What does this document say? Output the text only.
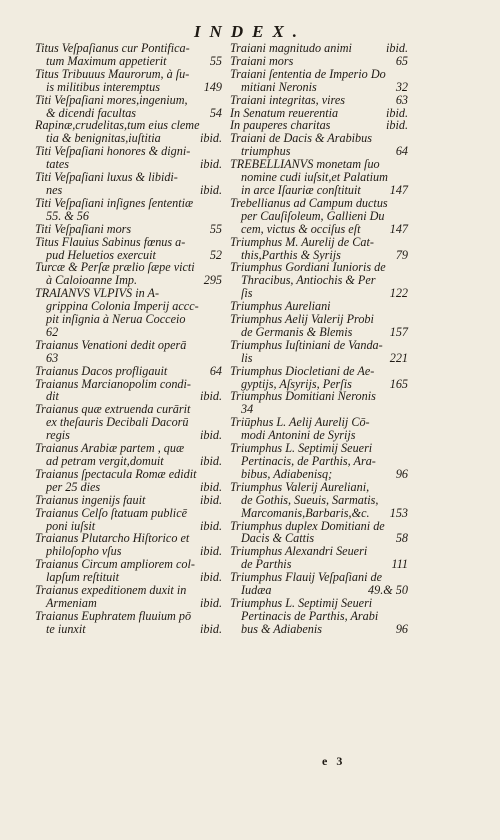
INDEX.
Titus Veſpaſianus cur Pontifica-
tum Maximum appetierit	55
Titus Tribuuus Maurorum, à ſu-
is militibus interemptus	149
Titi Veſpaſiani mores,ingenium,
& dicendi facultas	54
Rapinæ,crudelitas,tum eius cleme
tia & benignitas,iuſtitia	ibid.
Titi Veſpaſiani honores & digni-
tates	ibid.
Titi Veſpaſiani luxus & libidi-
nes	ibid.
Titi Veſpaſiani inſignes ſententiæ
55. & 56
Titi Veſpaſiani mors	55
Titus Flauius Sabinus fœnus a-
pud Heluetios exercuit	52
Turcæ & Perſæ prælio ſæpe victi
à Caloioanne Imp.	295
TRAIANVS VLPIVS in A-
grippina Colonia Imperij accc-
pit inſignia à Nerua Cocceio
62
Traianus Venationi dedit operā
63
Traianus Dacos profligauit	64
Traianus Marcianopolim condi-
dit	ibid.
Traianus quæ extruenda curārit
ex theſauris Decibali Dacorū
regis	ibid.
Traianus Arabiæ partem , quæ
ad petram vergit,domuit	ibid.
Traianus ſpectacula Romæ edidit
per 25 dies	ibid.
Traianus ingenijs fauit	ibid.
Traianus Celſo ſtatuam publicē
poni iuſsit	ibid.
Traianus Plutarcho Hiſtorico et
philoſopho vſus	ibid.
Traianus Circum ampliorem col-
lapſum reſtituit	ibid.
Traianus expeditionem duxit in
Armeniam	ibid.
Traianus Euphratem fluuium pō
te iunxit	ibid.
Traiani magnitudo animi	ibid.
Traiani mors	65
Traiani ſententia de Imperio Do
mitiani Neronis	32
Traiani integritas, vires	63
In Senatum reuerentia	ibid.
In pauperes charitas	ibid.
Traiani de Dacis & Arabibus
triumphus	64
TREBELLIANVS monetam ſuo
nomine cudi iuſsit,et Palatium
in arce Iſauriæ conſtituit	147
Trebellianus ad Campum ductus
per Cauſiſoleum, Gallieni Du
cem, victus & occiſus eſt	147
Triumphus M. Aurelij de Cat-
this,Parthis & Syrijs	79
Triumphus Gordiani Iunioris de
Thracibus, Antiochis & Per
ſis	122
Triumphus Aureliani
Triumphus Aelij Valerij Probi
de Germanis & Blemis	157
Triumphus Iuſtiniani de Vanda-
lis	221
Triumphus Diocletiani de Ae-
gyptijs, Aſsyrijs, Perſis	165
Triumphus Domitiani Neronis
34
Triūphus L. Aelij Aurelij Cō-
modi Antonini de Syrijs
Triumphus L. Septimij Seueri
Pertinacis, de Parthis, Ara-
bibus, Adiabenisq;	96
Triumphus Valerij Aureliani,
de Gothis, Sueuis, Sarmatis,
Marcomanis,Barbaris,&c.	153
Triumphus duplex Domitiani de
Dacis & Cattis	58
Triumphus Alexandri Seueri
de Parthis	111
Triumphus Flauij Veſpaſiani de
Iudæa	49.& 50
Triumphus L. Septimij Seueri
Pertinacis de Parthis, Arabi
bus & Adiabenis	96
e 3
